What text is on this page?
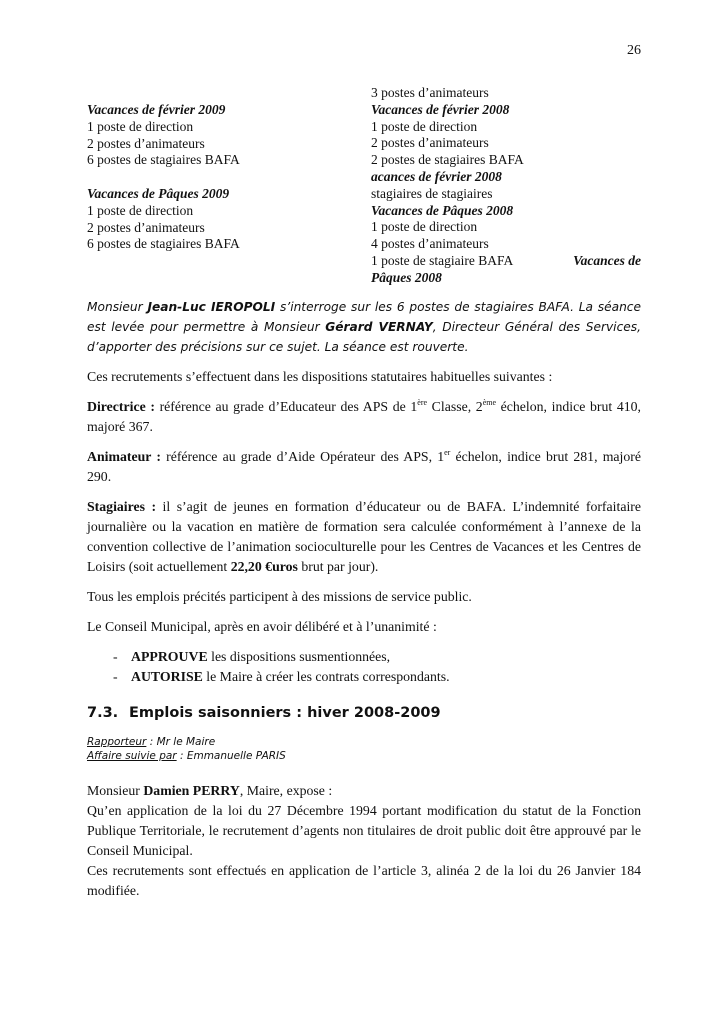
26
Vacances de février 2009
1 poste de direction
2 postes d’animateurs
6 postes de stagiaires BAFA
Vacances de Pâques 2009
1 poste de direction
2 postes d’animateurs
6 postes de stagiaires BAFA
3 postes d’animateurs
Vacances de février 2008
1 poste de direction
2 postes d’animateurs
2 postes de stagiaires BAFA
acances de février 2008
stagiaires de stagiaires
Vacances de Pâques 2008
1 poste de direction
4 postes d’animateurs
1 poste de stagiaire BAFA	Vacances de
Pâques 2008

Monsieur Jean-Luc IEROPOLI s’interroge sur les 6 postes de stagiaires BAFA. La séance est levée pour permettre à Monsieur Gérard VERNAY, Directeur Général des Services, d’apporter des précisions sur ce sujet. La séance est rouverte.

Ces recrutements s’effectuent dans les dispositions statutaires habituelles suivantes :

Directrice : référence au grade d’Educateur des APS de 1ère Classe, 2ème échelon, indice brut 410, majoré 367.

Animateur : référence au grade d’Aide Opérateur des APS, 1er échelon, indice brut 281, majoré 290.

Stagiaires : il s’agit de jeunes en formation d’éducateur ou de BAFA. L’indemnité forfaitaire journalière ou la vacation en matière de formation sera calculée conformément à l’annexe de la convention collective de l’animation socioculturelle pour les Centres de Vacances et les Centres de Loisirs (soit actuellement 22,20 €uros brut par jour).

Tous les emplois précités participent à des missions de service public.

Le Conseil Municipal, après en avoir délibéré et à l’unanimité :

- APPROUVE les dispositions susmentionnées,
- AUTORISE le Maire à créer les contrats correspondants.
7.3. Emplois saisonniers : hiver 2008-2009
Rapporteur : Mr le Maire
Affaire suivie par : Emmanuelle PARIS
Monsieur Damien PERRY, Maire, expose :
Qu’en application de la loi du 27 Décembre 1994 portant modification du statut de la Fonction Publique Territoriale, le recrutement d’agents non titulaires de droit public doit être approuvé par le Conseil Municipal.
Ces recrutements sont effectués en application de l’article 3, alinéa 2 de la loi du 26 Janvier 184 modifiée.
